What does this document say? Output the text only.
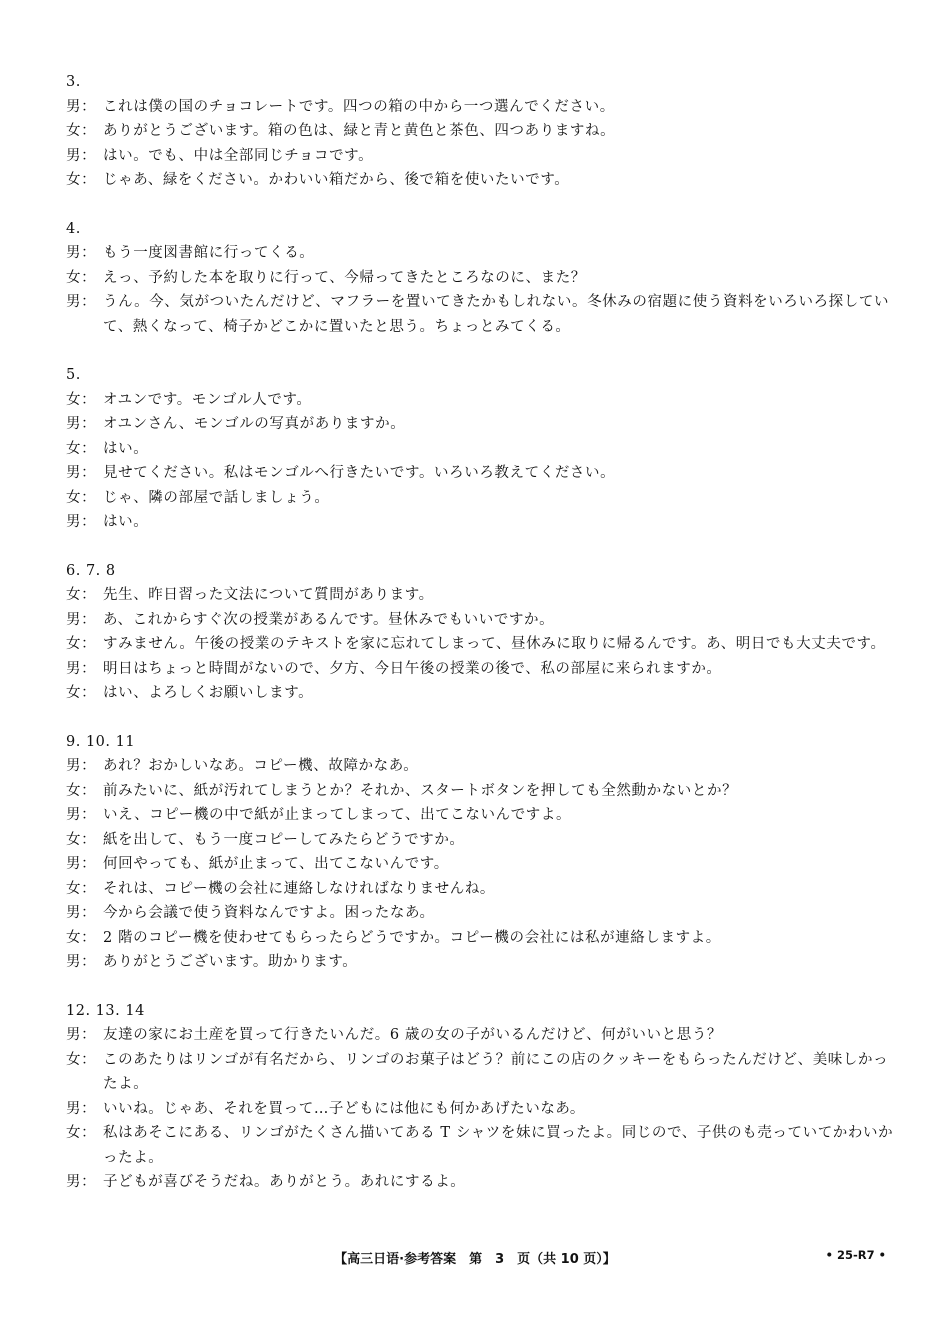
3.
男： これは僕の国のチョコレートです。四つの箱の中から一つ選んでください。
女： ありがとうございます。箱の色は、緑と青と黄色と茶色、四つありますね。
男： はい。でも、中は全部同じチョコです。
女： じゃあ、緑をください。かわいい箱だから、後で箱を使いたいです。
4.
男： もう一度図書館に行ってくる。
女： えっ、予約した本を取りに行って、今帰ってきたところなのに、また？
男： うん。今、気がついたんだけど、マフラーを置いてきたかもしれない。冬休みの宿題に使う資料をいろいろ探していて、熱くなって、椅子かどこかに置いたと思う。ちょっとみてくる。
5.
女： オユンです。モンゴル人です。
男： オユンさん、モンゴルの写真がありますか。
女： はい。
男： 見せてください。私はモンゴルへ行きたいです。いろいろ教えてください。
女： じゃ、隣の部屋で話しましょう。
男： はい。
6. 7. 8
女： 先生、昨日習った文法について質問があります。
男： あ、これからすぐ次の授業があるんです。昼休みでもいいですか。
女： すみません。午後の授業のテキストを家に忘れてしまって、昼休みに取りに帰るんです。あ、明日でも大丈夫です。
男： 明日はちょっと時間がないので、夕方、今日午後の授業の後で、私の部屋に来られますか。
女： はい、よろしくお願いします。
9. 10. 11
男： あれ？おかしいなあ。コピー機、故障かなあ。
女： 前みたいに、紙が汚れてしまうとか？それか、スタートボタンを押しても全然動かないとか？
男： いえ、コピー機の中で紙が止まってしまって、出てこないんですよ。
女： 紙を出して、もう一度コピーしてみたらどうですか。
男： 何回やっても、紙が止まって、出てこないんです。
女： それは、コピー機の会社に連絡しなければなりませんね。
男： 今から会議で使う資料なんですよ。困ったなあ。
女： 2 階のコピー機を使わせてもらったらどうですか。コピー機の会社には私が連絡しますよ。
男： ありがとうございます。助かります。
12. 13. 14
男： 友達の家にお土産を買って行きたいんだ。6 歳の女の子がいるんだけど、何がいいと思う？
女： このあたりはリンゴが有名だから、リンゴのお菓子はどう？前にこの店のクッキーをもらったんだけど、美味しかったよ。
男： いいね。じゃあ、それを買って…子どもには他にも何かあげたいなあ。
女： 私はあそこにある、リンゴがたくさん描いてある T シャツを妹に買ったよ。同じので、子供のも売っていてかわいかったよ。
男： 子どもが喜びそうだね。ありがとう。あれにするよ。
【高三日语·参考答案　第　3　页（共 10 页）】	• 25-R7 •
